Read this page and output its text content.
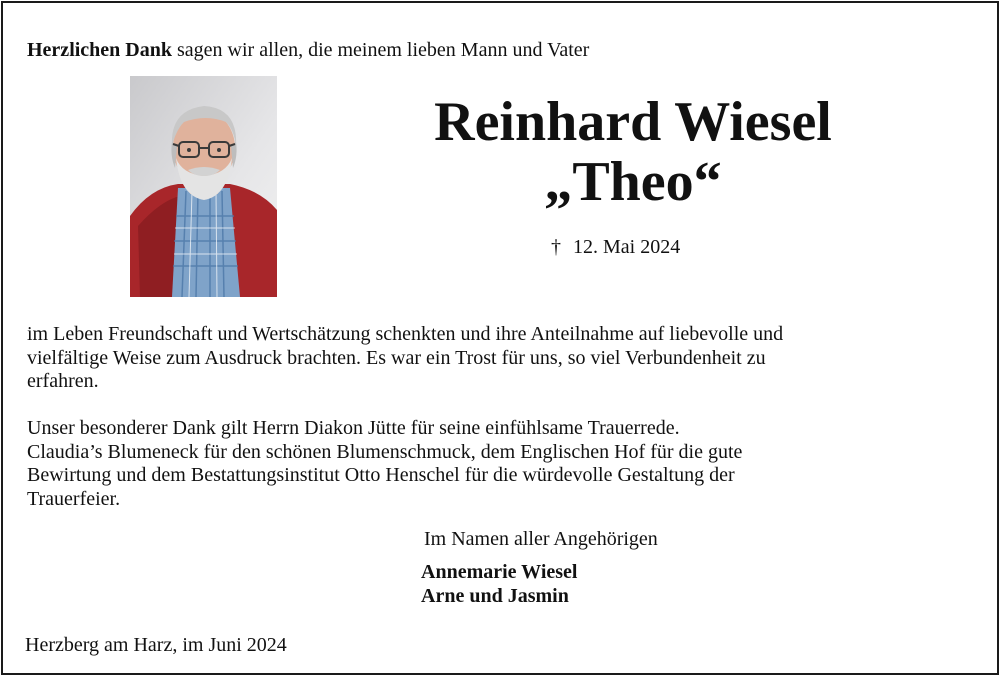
Herzlichen Dank sagen wir allen, die meinem lieben Mann und Vater
Reinhard Wiesel
„Theo“
† 12. Mai 2024
im Leben Freundschaft und Wertschätzung schenkten und ihre Anteilnahme auf liebevolle und
vielfältige Weise zum Ausdruck brachten. Es war ein Trost für uns, so viel Verbundenheit zu
erfahren.
Unser besonderer Dank gilt Herrn Diakon Jütte für seine einfühlsame Trauerrede.
Claudia’s Blumeneck für den schönen Blumenschmuck, dem Englischen Hof für die gute
Bewirtung und dem Bestattungsinstitut Otto Henschel für die würdevolle Gestaltung der
Trauerfeier.
Im Namen aller Angehörigen
Annemarie Wiesel
Arne und Jasmin
Herzberg am Harz, im Juni 2024
